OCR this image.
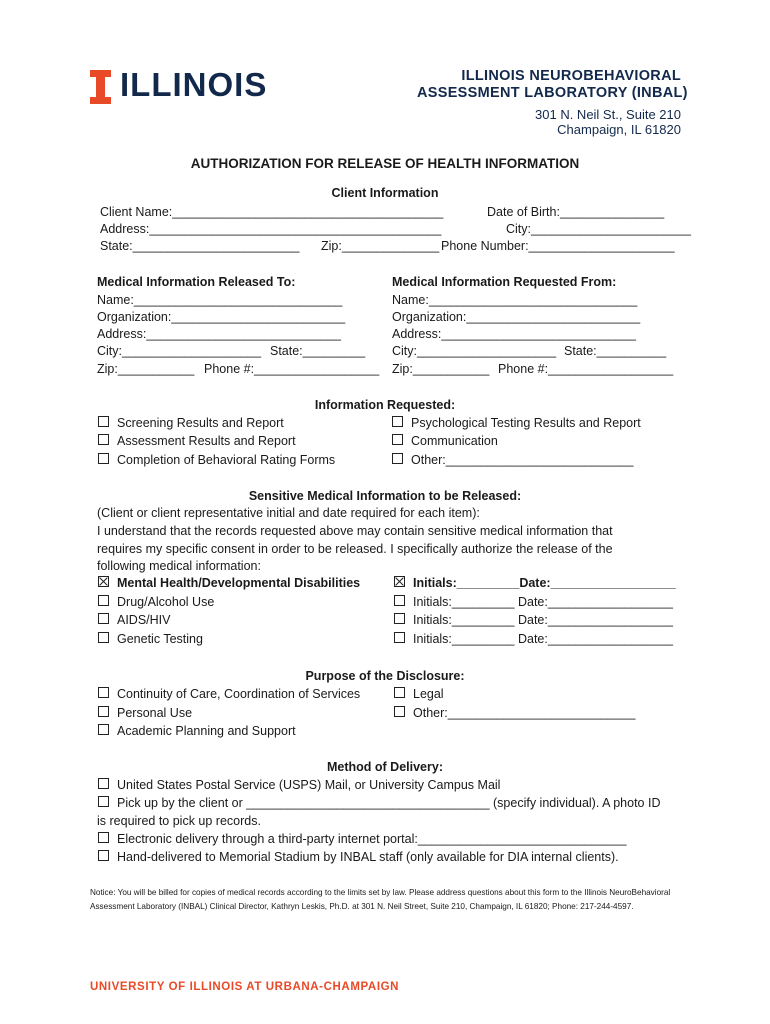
ILLINOIS	ILLINOIS NEUROBEHAVIORAL
ASSESSMENT LABORATORY (INBAL)
301 N. Neil St., Suite 210
Champaign, IL 61820
AUTHORIZATION FOR RELEASE OF HEALTH INFORMATION
Client Information
Client Name:_______________________________________	Date of Birth:_______________
Address:__________________________________________	City:_______________________
State:________________________ Zip:______________ Phone Number:_____________________
Medical Information Released To:
Name:______________________________
Organization:_________________________
Address:____________________________
City:____________________ State:_________
Zip:___________ Phone #:__________________
Medical Information Requested From:
Name:______________________________
Organization:_________________________
Address:____________________________
City:____________________ State:__________
Zip:___________ Phone #:__________________
Information Requested:
Screening Results and Report
Assessment Results and Report
Completion of Behavioral Rating Forms
Psychological Testing Results and Report
Communication
Other:___________________________
Sensitive Medical Information to be Released:
(Client or client representative initial and date required for each item):
I understand that the records requested above may contain sensitive medical information that
requires my specific consent in order to be released. I specifically authorize the release of the
following medical information:
Mental Health/Developmental Disabilities	Initials:_________Date:__________________
Drug/Alcohol Use	Initials:_________ Date:__________________
AIDS/HIV	Initials:_________ Date:__________________
Genetic Testing	Initials:_________ Date:__________________
Purpose of the Disclosure:
Continuity of Care, Coordination of Services
Personal Use
Academic Planning and Support
Legal
Other:___________________________
Method of Delivery:
United States Postal Service (USPS) Mail, or University Campus Mail
Pick up by the client or ___________________________________ (specify individual). A photo ID
is required to pick up records.
Electronic delivery through a third-party internet portal:______________________________
Hand-delivered to Memorial Stadium by INBAL staff (only available for DIA internal clients).
Notice: You will be billed for copies of medical records according to the limits set by law. Please address questions about this form to the Illinois NeuroBehavioral Assessment Laboratory (INBAL) Clinical Director, Kathryn Leskis, Ph.D. at 301 N. Neil Street, Suite 210, Champaign, IL 61820; Phone: 217-244-4597.
UNIVERSITY OF ILLINOIS AT URBANA-CHAMPAIGN
